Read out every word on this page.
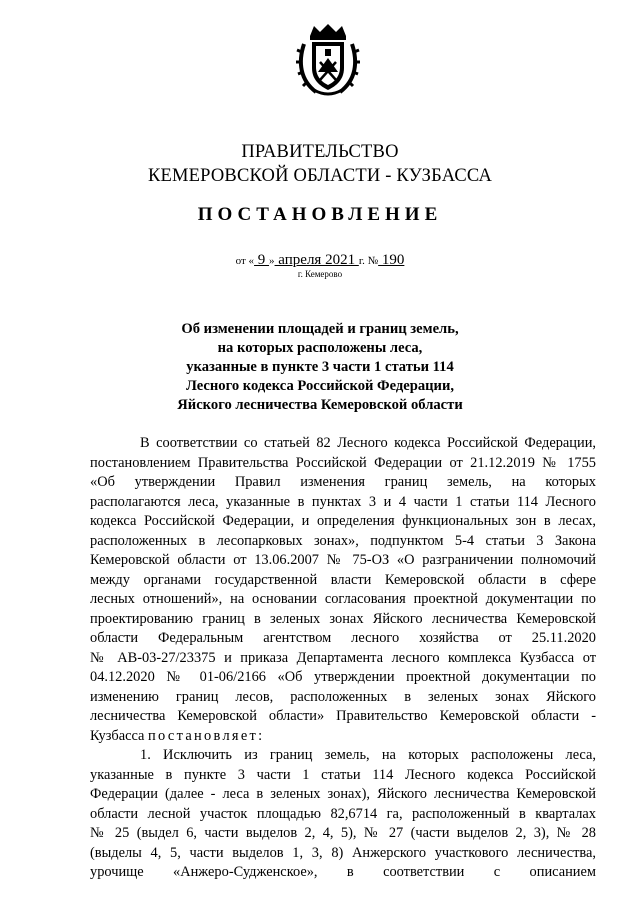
ПРАВИТЕЛЬСТВО
КЕМЕРОВСКОЙ ОБЛАСТИ - КУЗБАССА
ПОСТАНОВЛЕНИЕ
от « 9 » апреля 2021 г. № 190
г. Кемерово
Об изменении площадей и границ земель,
на которых расположены леса,
указанные в пункте 3 части 1 статьи 114
Лесного кодекса Российской Федерации,
Яйского лесничества Кемеровской области
В соответствии со статьей 82 Лесного кодекса Российской Федерации,
постановлением Правительства Российской Федерации от 21.12.2019 № 1755
«Об утверждении Правил изменения границ земель, на которых
располагаются леса, указанные в пунктах 3 и 4 части 1 статьи 114 Лесного
кодекса Российской Федерации, и определения функциональных зон в лесах,
расположенных в лесопарковых зонах», подпунктом 5-4 статьи 3 Закона
Кемеровской области от 13.06.2007 № 75-ОЗ «О разграничении полномочий
между органами государственной власти Кемеровской области в сфере
лесных отношений», на основании согласования проектной документации по
проектированию границ в зеленых зонах Яйского лесничества Кемеровской
области Федеральным агентством лесного хозяйства от 25.11.2020
№ АВ-03-27/23375 и приказа Департамента лесного комплекса Кузбасса от
04.12.2020 № 01-06/2166 «Об утверждении проектной документации по
изменению границ лесов, расположенных в зеленых зонах Яйского
лесничества Кемеровской области» Правительство Кемеровской области -
Кузбасса постановляет:
1. Исключить из границ земель, на которых расположены леса,
указанные в пункте 3 части 1 статьи 114 Лесного кодекса Российской
Федерации (далее - леса в зеленых зонах), Яйского лесничества Кемеровской
области лесной участок площадью 82,6714 га, расположенный в кварталах
№ 25 (выдел 6, части выделов 2, 4, 5), № 27 (части выделов 2, 3), № 28
(выделы 4, 5, части выделов 1, 3, 8) Анжерского участкового лесничества,
урочище «Анжеро-Судженское», в соответствии с описанием
